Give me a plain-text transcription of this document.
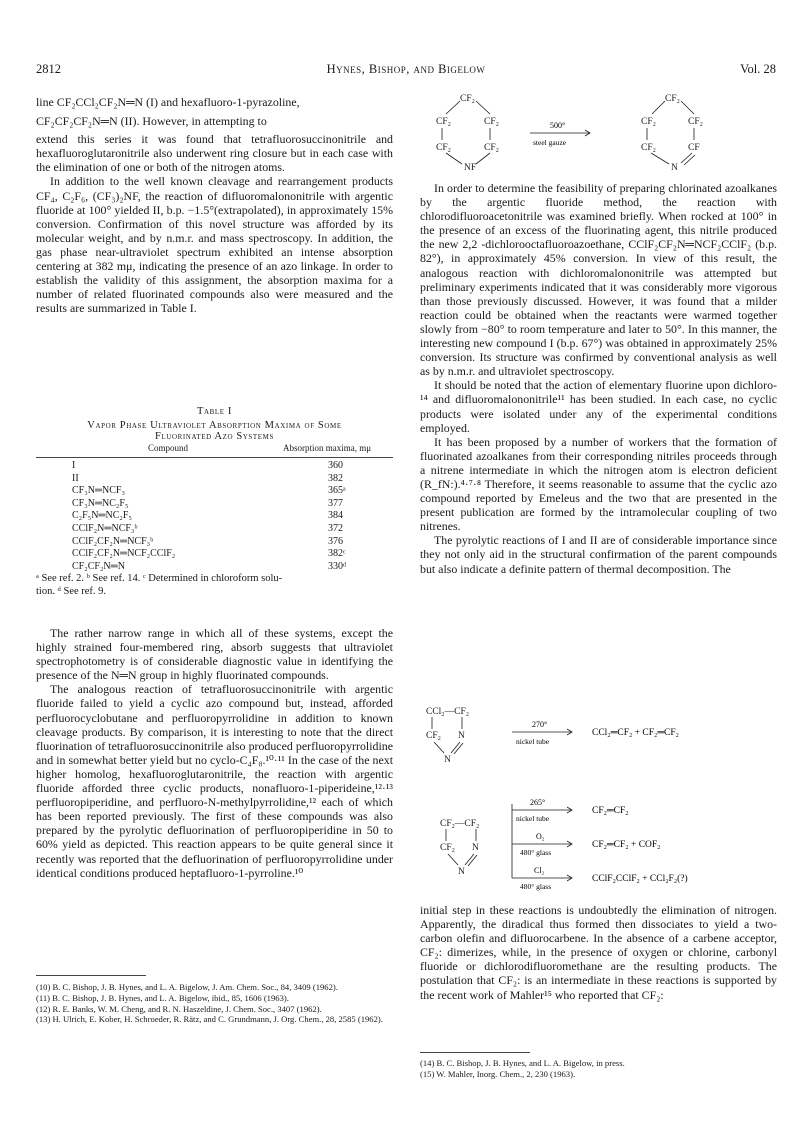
2812	Hynes, Bishop, and Bigelow	Vol. 28

line CF₂CCl₂CF₂N═N (I) and hexafluoro-1-pyrazoline,

CF₂CF₂CF₂N═N (II). However, in attempting to

extend this series it was found that tetrafluorosuccinonitrile and hexafluoroglutaronitrile also underwent ring closure but in each case with the elimination of one or both of the nitrogen atoms.

In addition to the well known cleavage and rearrangement products CF₄, C₂F₆, (CF₃)₂NF, the reaction of difluoromalononitrile with argentic fluoride at 100° yielded II, b.p. −1.5°(extrapolated), in approximately 15% conversion. Confirmation of this novel structure was afforded by its molecular weight, and by n.m.r. and mass spectroscopy. In addition, the gas phase near-ultraviolet spectrum exhibited an intense absorption centering at 382 mμ, indicating the presence of an azo linkage. In order to establish the validity of this assignment, the absorption maxima for a number of related fluorinated compounds also were measured and the results are summarized in Table I.

Table I
Vapor Phase Ultraviolet Absorption Maxima of Some
Fluorinated Azo Systems
Compound	Absorption maxima, mμ
I	360
II	382
CF₃N═NCF₃	365ᵃ
CF₃N═NC₂F₅	377
C₂F₅N═NC₂F₅	384
CClF₂N═NCF₃ᵇ	372
CClF₂CF₂N═NCF₃ᵇ	376
CClF₂CF₂N═NCF₂CClF₂	382ᶜ
CF₂CF₂N═N	330ᵈ
ᵃ See ref. 2. ᵇ See ref. 14. ᶜ Determined in chloroform solu-
tion. ᵈ See ref. 9.

The rather narrow range in which all of these systems, except the highly strained four-membered ring, absorb suggests that ultraviolet spectrophotometry is of considerable diagnostic value in identifying the presence of the N═N group in highly fluorinated compounds.

The analogous reaction of tetrafluorosuccinonitrile with argentic fluoride failed to yield a cyclic azo compound but, instead, afforded perfluorocyclobutane and perfluoropyrrolidine in addition to known cleavage products. By comparison, it is interesting to note that the direct fluorination of tetrafluorosuccinonitrile also produced perfluoropyrrolidine and in somewhat better yield but no cyclo-C₄F₈.¹⁰·¹¹ In the case of the next higher homolog, hexafluoroglutaronitrile, the reaction with argentic fluoride afforded three cyclic products, nonafluoro-1-piperideine,¹²·¹³ perfluoropiperidine, and perfluoro-N-methylpyrrolidine,¹² each of which has been reported previously. The first of these compounds was also prepared by the pyrolytic defluorination of perfluoropiperidine in 50 to 60% yield as depicted. This reaction appears to be quite general since it recently was reported that the defluorination of perfluoropyrrolidine under identical conditions produced heptafluoro-1-pyrroline.¹⁰

(10) B. C. Bishop, J. B. Hynes, and L. A. Bigelow, J. Am. Chem. Soc., 84, 3409 (1962).
(11) B. C. Bishop, J. B. Hynes, and L. A. Bigelow, ibid., 85, 1606 (1963).
(12) R. E. Banks, W. M. Cheng, and R. N. Haszeldine, J. Chem. Soc., 3407 (1962).
(13) H. Ulrich, E. Kober, H. Schroeder, R. Rätz, and C. Grundmann, J. Org. Chem., 28, 2585 (1962).
CF₂
CF₂	CF₂
CF₂	CF₂
NF
500°
steel gauze
CF₂
CF₂	CF₂
CF₂	CF
N

In order to determine the feasibility of preparing chlorinated azoalkanes by the argentic fluoride method, the reaction with chlorodifluoroacetonitrile was examined briefly. When rocked at 100° in the presence of an excess of the fluorinating agent, this nitrile produced the new 2,2 -dichlorooctafluoroazoethane, CClF₂CF₂N═NCF₂CClF₂ (b.p. 82°), in approximately 45% conversion. In view of this result, the analogous reaction with dichloromalononitrile was attempted but preliminary experiments indicated that it was considerably more vigorous than those previously discussed. However, it was found that a milder reaction could be obtained when the reactants were warmed together slowly from −80° to room temperature and later to 50°. In this manner, the interesting new compound I (b.p. 67°) was obtained in approximately 25% conversion. Its structure was confirmed by conventional analysis as well as by n.m.r. and ultraviolet spectroscopy.

It should be noted that the action of elementary fluorine upon dichloro-¹⁴ and difluoromalononitrile¹¹ has been studied. In each case, no cyclic products were isolated under any of the experimental conditions employed.

It has been proposed by a number of workers that the formation of fluorinated azoalkanes from their corresponding nitriles proceeds through a nitrene intermediate in which the nitrogen atom is electron deficient (R_fN:).⁴·⁷·⁸ Therefore, it seems reasonable to assume that the cyclic azo compound reported by Emeleus and the two that are presented in the present publication are formed by the intramolecular coupling of two nitrenes.

The pyrolytic reactions of I and II are of considerable importance since they not only aid in the structural confirmation of the parent compounds but also indicate a definite pattern of thermal decomposition. The

CCl₂—CF₂
CF₂ N
N
270°
nickel tube
CCl₂═CF₂ + CF₂═CF₂
CF₂—CF₂
CF₂ N
N
265°
nickel tube
CF₂═CF₂
O₂
480° glass
CF₂═CF₂ + COF₂
Cl₂
480° glass
CClF₂CClF₂ + CCl₂F₂(?)

initial step in these reactions is undoubtedly the elimination of nitrogen. Apparently, the diradical thus formed then dissociates to yield a two-carbon olefin and difluorocarbene. In the absence of a carbene acceptor, CF₂: dimerizes, while, in the presence of oxygen or chlorine, carbonyl fluoride or dichlorodifluoromethane are the resulting products. The postulation that CF₂: is an intermediate in these reactions is supported by the recent work of Mahler¹⁵ who reported that CF₂:

(14) B. C. Bishop, J. B. Hynes, and L. A. Bigelow, in press.
(15) W. Mahler, Inorg. Chem., 2, 230 (1963).
